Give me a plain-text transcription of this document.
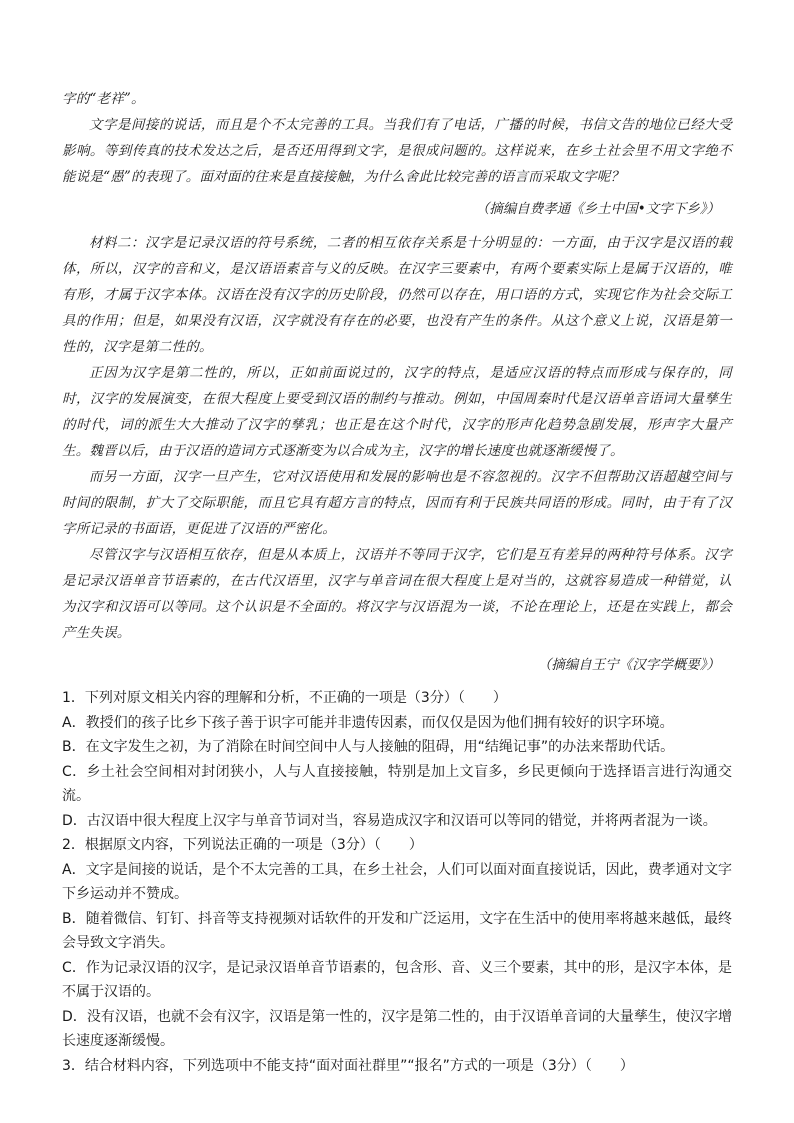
字的“老祥”。

文字是间接的说话，而且是个不太完善的工具。当我们有了电话，广播的时候，书信文告的地位已经大受影响。等到传真的技术发达之后，是否还用得到文字，是很成问题的。这样说来，在乡土社会里不用文字绝不能说是“愚”的表现了。面对面的往来是直接接触，为什么舍此比较完善的语言而采取文字呢？

（摘编自费孝通《乡土中国•文字下乡》）

材料二：汉字是记录汉语的符号系统，二者的相互依存关系是十分明显的：一方面，由于汉字是汉语的载体，所以，汉字的音和义，是汉语语素音与义的反映。在汉字三要素中，有两个要素实际上是属于汉语的，唯有形，才属于汉字本体。汉语在没有汉字的历史阶段，仍然可以存在，用口语的方式，实现它作为社会交际工具的作用；但是，如果没有汉语，汉字就没有存在的必要，也没有产生的条件。从这个意义上说，汉语是第一性的，汉字是第二性的。

正因为汉字是第二性的，所以，正如前面说过的，汉字的特点，是适应汉语的特点而形成与保存的，同时，汉字的发展演变，在很大程度上要受到汉语的制约与推动。例如，中国周秦时代是汉语单音语词大量孳生的时代，词的派生大大推动了汉字的孳乳；也正是在这个时代，汉字的形声化趋势急剧发展，形声字大量产生。魏晋以后，由于汉语的造词方式逐渐变为以合成为主，汉字的增长速度也就逐渐缓慢了。

而另一方面，汉字一旦产生，它对汉语使用和发展的影响也是不容忽视的。汉字不但帮助汉语超越空间与时间的限制，扩大了交际职能，而且它具有超方言的特点，因而有利于民族共同语的形成。同时，由于有了汉字所记录的书面语，更促进了汉语的严密化。

尽管汉字与汉语相互依存，但是从本质上，汉语并不等同于汉字，它们是互有差异的两种符号体系。汉字是记录汉语单音节语素的，在古代汉语里，汉字与单音词在很大程度上是对当的，这就容易造成一种错觉，认为汉字和汉语可以等同。这个认识是不全面的。将汉字与汉语混为一谈，不论在理论上，还是在实践上，都会产生失误。

（摘编自王宁《汉字学概要》）

1．下列对原文相关内容的理解和分析，不正确的一项是（3分）（　　）

A．教授们的孩子比乡下孩子善于识字可能并非遗传因素，而仅仅是因为他们拥有较好的识字环境。

B．在文字发生之初，为了消除在时间空间中人与人接触的阻碍，用“结绳记事”的办法来帮助代话。

C．乡土社会空间相对封闭狭小，人与人直接接触，特别是加上文盲多，乡民更倾向于选择语言进行沟通交流。

D．古汉语中很大程度上汉字与单音节词对当，容易造成汉字和汉语可以等同的错觉，并将两者混为一谈。

2．根据原文内容，下列说法正确的一项是（3分）（　　）

A．文字是间接的说话，是个不太完善的工具，在乡土社会，人们可以面对面直接说话，因此，费孝通对文字下乡运动并不赞成。

B．随着微信、钉钉、抖音等支持视频对话软件的开发和广泛运用，文字在生活中的使用率将越来越低，最终会导致文字消失。

C．作为记录汉语的汉字，是记录汉语单音节语素的，包含形、音、义三个要素，其中的形，是汉字本体，是不属于汉语的。

D．没有汉语，也就不会有汉字，汉语是第一性的，汉字是第二性的，由于汉语单音词的大量孳生，使汉字增长速度逐渐缓慢。

3．结合材料内容，下列选项中不能支持“面对面社群里”“报名”方式的一项是（3分）（　　）
